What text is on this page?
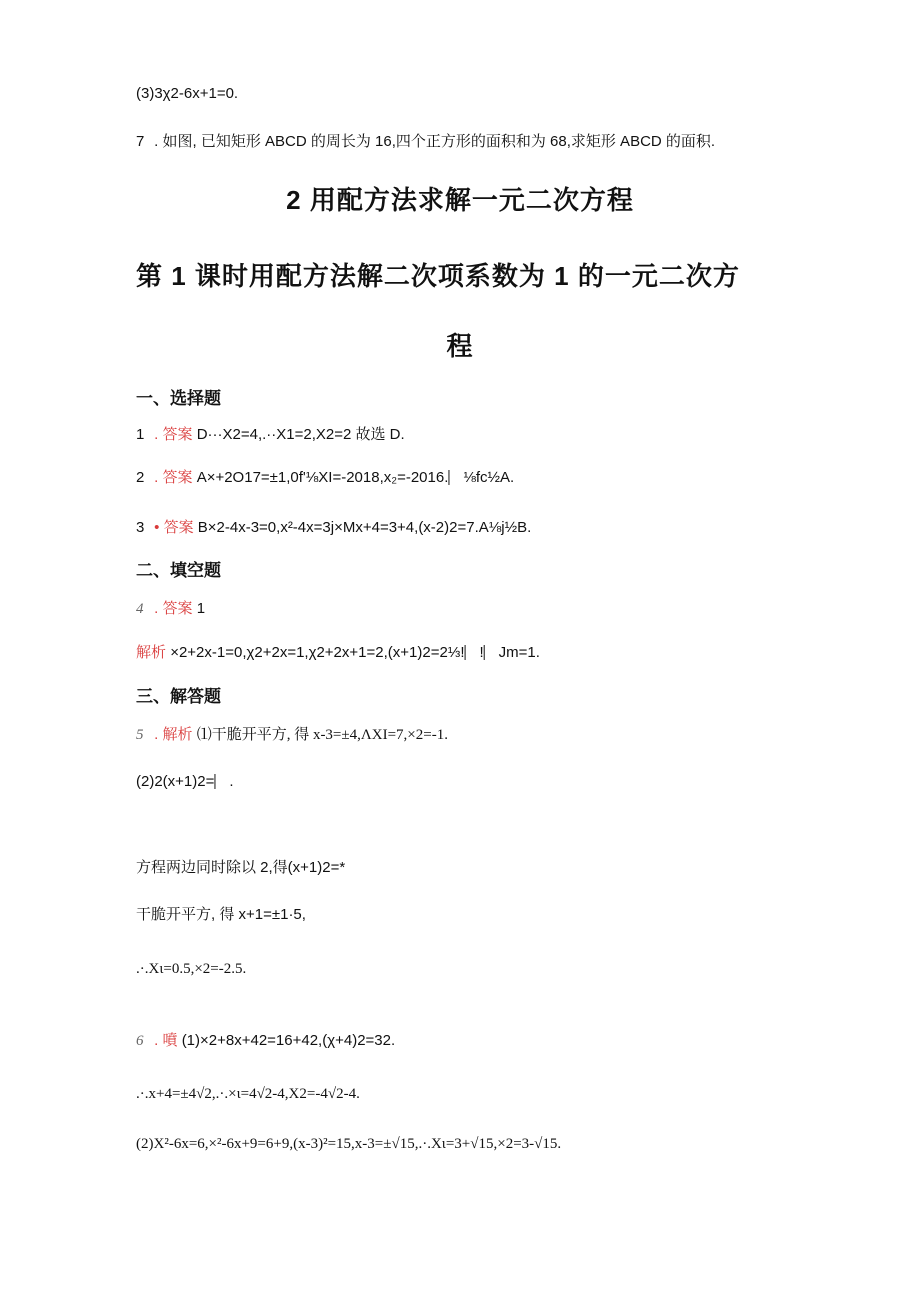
(3)3χ2-6x+1=0.
7 . 如图, 已知矩形 ABCD 的周长为 16,四个正方形的面积和为 68,求矩形 ABCD 的面积.
2 用配方法求解一元二次方程
第 1 课时用配方法解二次项系数为 1 的一元二次方
程
一、选择题
1 . 答案 D···X2=4,.··X1=2,X2=2 故选 D.
2 . 答案 A×+2O17=±1,0f'⅛XI=-2018,x₂=-2016.⎸⅛fc½A.
3 • 答案 B×2-4x-3=0,x²-4x=3j×Mx+4=3+4,(x-2)2=7.A⅛j½B.
二、填空题
4 . 答案 1
解析 ×2+2x-1=0,χ2+2x=1,χ2+2x+1=2,(x+1)2=2⅓!⎸!⎸Jm=1.
三、解答题
5 . 解析 ⑴干脆开平方, 得 x-3=±4,ΛXI=7,×2=-1.
(2)2(x+1)2=⎸.
方程两边同时除以 2,得(x+1)2=*
干脆开平方, 得 x+1=±1·5,
.·.Xι=0.5,×2=-2.5.
6 . 噴 (1)×2+8x+42=16+42,(χ+4)2=32.
.·.x+4=±4√2,.·.×ι=4√2-4,X2=-4√2-4.
(2)X²-6x=6,×²-6x+9=6+9,(x-3)²=15,x-3=±√15,.·.Xι=3+√15,×2=3-√15.
